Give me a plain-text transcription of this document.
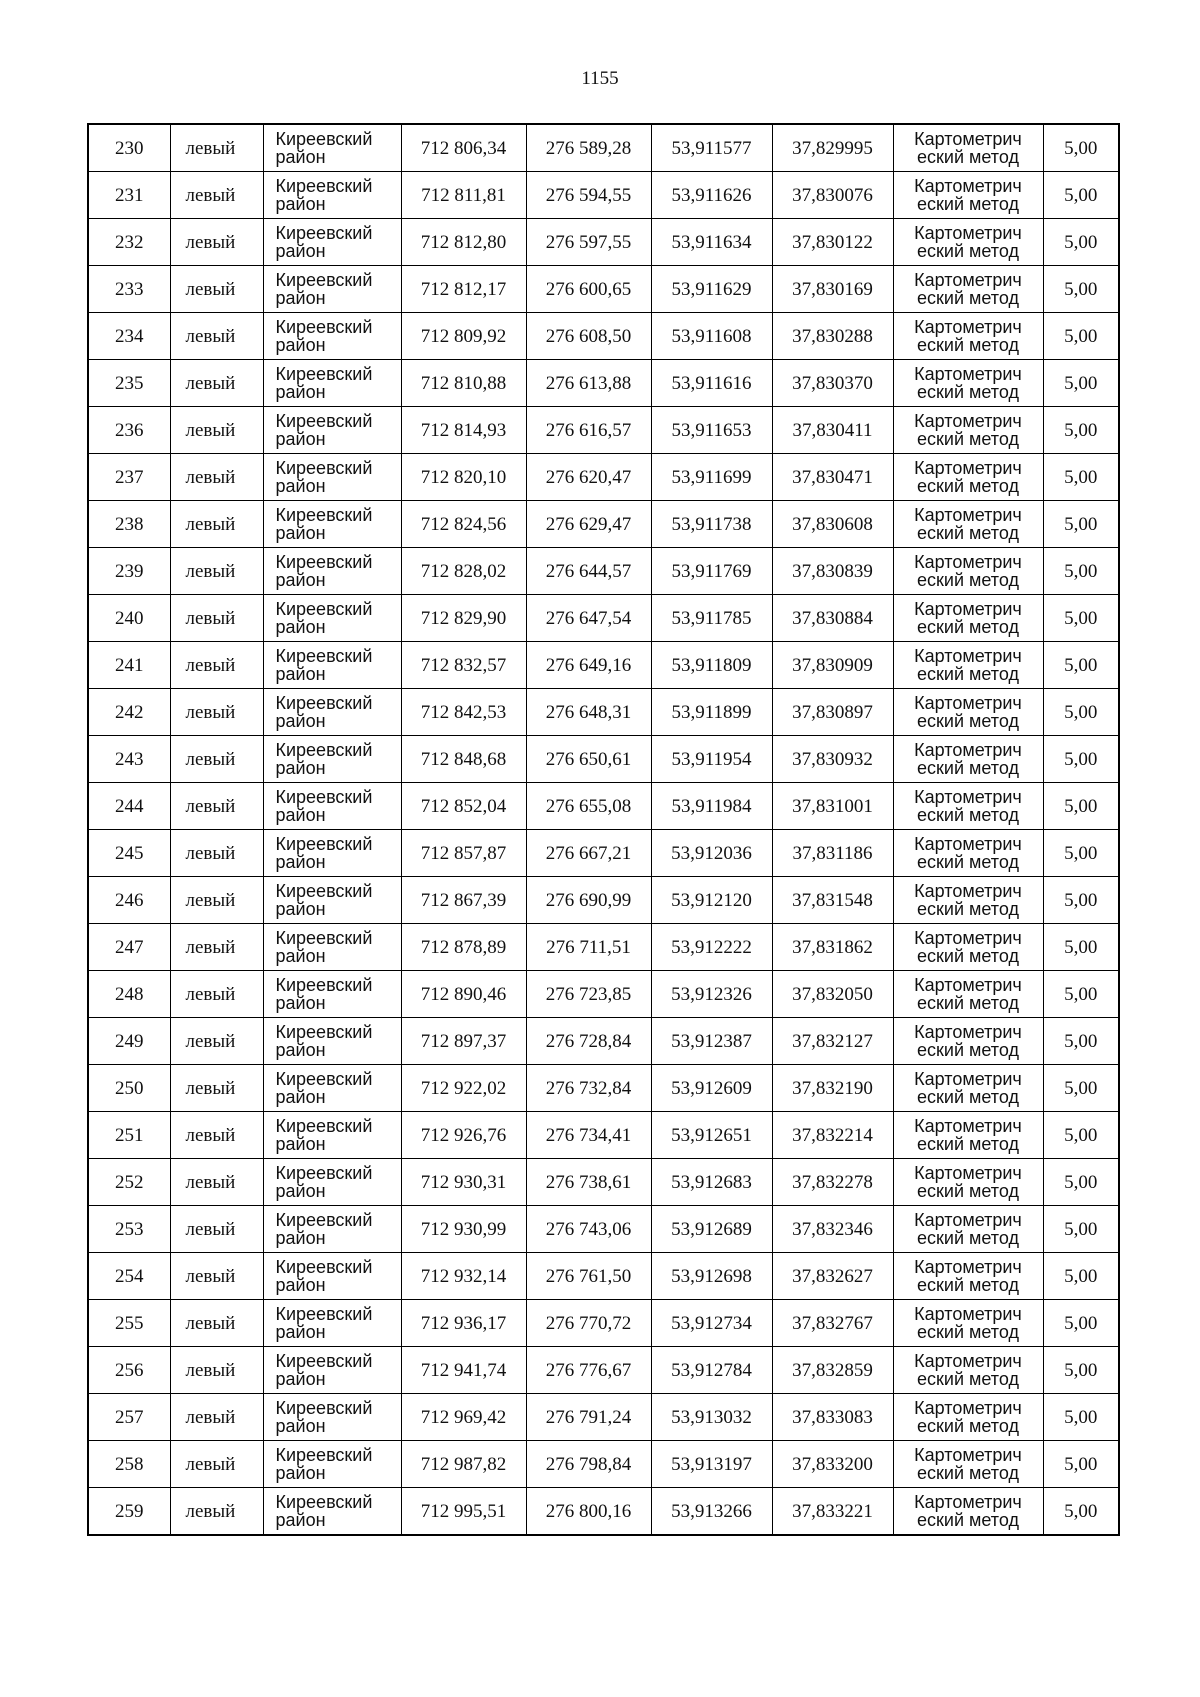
1155
230	левый	Киреевский район	712 806,34	276 589,28	53,911577	37,829995	Картометрич еский метод	5,00
231	левый	Киреевский район	712 811,81	276 594,55	53,911626	37,830076	Картометрич еский метод	5,00
232	левый	Киреевский район	712 812,80	276 597,55	53,911634	37,830122	Картометрич еский метод	5,00
233	левый	Киреевский район	712 812,17	276 600,65	53,911629	37,830169	Картометрич еский метод	5,00
234	левый	Киреевский район	712 809,92	276 608,50	53,911608	37,830288	Картометрич еский метод	5,00
235	левый	Киреевский район	712 810,88	276 613,88	53,911616	37,830370	Картометрич еский метод	5,00
236	левый	Киреевский район	712 814,93	276 616,57	53,911653	37,830411	Картометрич еский метод	5,00
237	левый	Киреевский район	712 820,10	276 620,47	53,911699	37,830471	Картометрич еский метод	5,00
238	левый	Киреевский район	712 824,56	276 629,47	53,911738	37,830608	Картометрич еский метод	5,00
239	левый	Киреевский район	712 828,02	276 644,57	53,911769	37,830839	Картометрич еский метод	5,00
240	левый	Киреевский район	712 829,90	276 647,54	53,911785	37,830884	Картометрич еский метод	5,00
241	левый	Киреевский район	712 832,57	276 649,16	53,911809	37,830909	Картометрич еский метод	5,00
242	левый	Киреевский район	712 842,53	276 648,31	53,911899	37,830897	Картометрич еский метод	5,00
243	левый	Киреевский район	712 848,68	276 650,61	53,911954	37,830932	Картометрич еский метод	5,00
244	левый	Киреевский район	712 852,04	276 655,08	53,911984	37,831001	Картометрич еский метод	5,00
245	левый	Киреевский район	712 857,87	276 667,21	53,912036	37,831186	Картометрич еский метод	5,00
246	левый	Киреевский район	712 867,39	276 690,99	53,912120	37,831548	Картометрич еский метод	5,00
247	левый	Киреевский район	712 878,89	276 711,51	53,912222	37,831862	Картометрич еский метод	5,00
248	левый	Киреевский район	712 890,46	276 723,85	53,912326	37,832050	Картометрич еский метод	5,00
249	левый	Киреевский район	712 897,37	276 728,84	53,912387	37,832127	Картометрич еский метод	5,00
250	левый	Киреевский район	712 922,02	276 732,84	53,912609	37,832190	Картометрич еский метод	5,00
251	левый	Киреевский район	712 926,76	276 734,41	53,912651	37,832214	Картометрич еский метод	5,00
252	левый	Киреевский район	712 930,31	276 738,61	53,912683	37,832278	Картометрич еский метод	5,00
253	левый	Киреевский район	712 930,99	276 743,06	53,912689	37,832346	Картометрич еский метод	5,00
254	левый	Киреевский район	712 932,14	276 761,50	53,912698	37,832627	Картометрич еский метод	5,00
255	левый	Киреевский район	712 936,17	276 770,72	53,912734	37,832767	Картометрич еский метод	5,00
256	левый	Киреевский район	712 941,74	276 776,67	53,912784	37,832859	Картометрич еский метод	5,00
257	левый	Киреевский район	712 969,42	276 791,24	53,913032	37,833083	Картометрич еский метод	5,00
258	левый	Киреевский район	712 987,82	276 798,84	53,913197	37,833200	Картометрич еский метод	5,00
259	левый	Киреевский район	712 995,51	276 800,16	53,913266	37,833221	Картометрич еский метод	5,00
